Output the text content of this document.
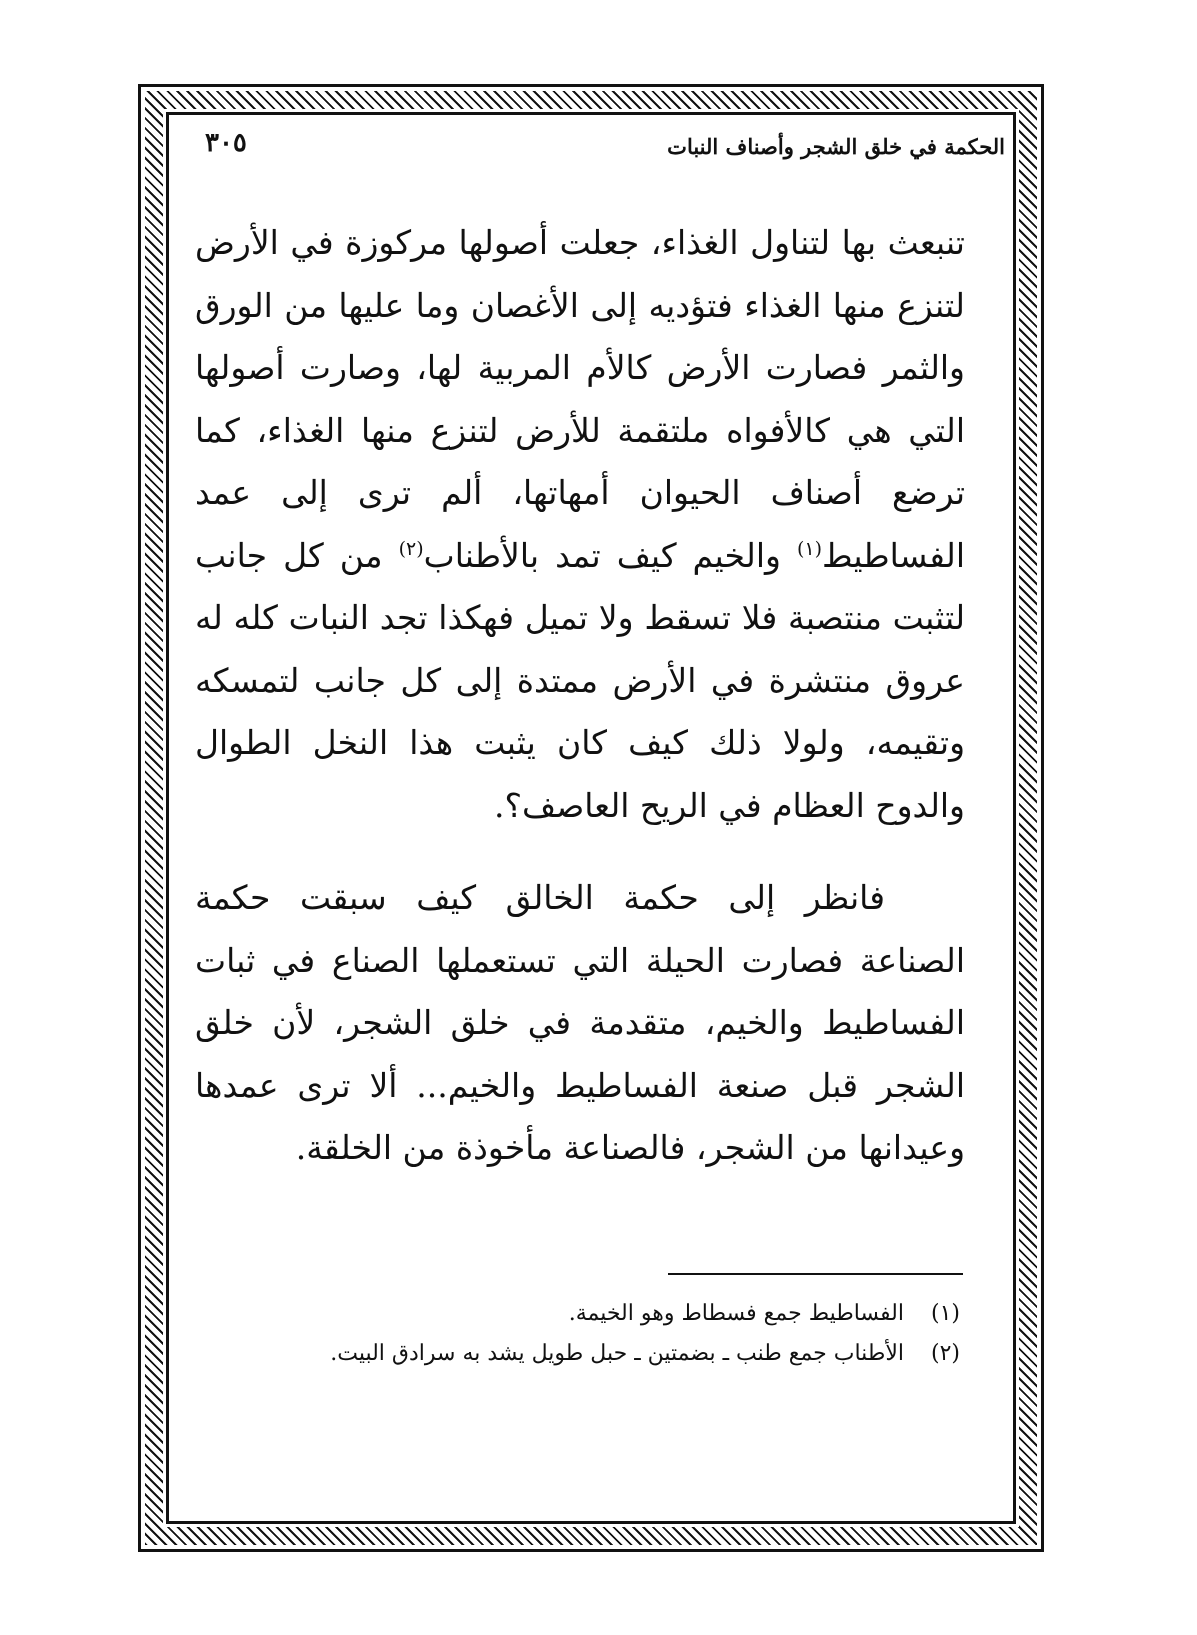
الحكمة في خلق الشجر وأصناف النبات
٣٠٥

تنبعث بها لتناول الغذاء، جعلت أصولها مركوزة في الأرض لتنزع منها الغذاء فتؤديه إلى الأغصان وما عليها من الورق والثمر فصارت الأرض كالأم المربية لها، وصارت أصولها التي هي كالأفواه ملتقمة للأرض لتنزع منها الغذاء، كما ترضع أصناف الحيوان أمهاتها، ألم ترى إلى عمد الفساطيط$^{(١)}$ والخيم كيف تمد بالأطناب$^{(٢)}$ من كل جانب لتثبت منتصبة فلا تسقط ولا تميل فهكذا تجد النبات كله له عروق منتشرة في الأرض ممتدة إلى كل جانب لتمسكه وتقيمه، ولولا ذلك كيف كان يثبت هذا النخل الطوال والدوح العظام في الريح العاصف؟.

فانظر إلى حكمة الخالق كيف سبقت حكمة الصناعة فصارت الحيلة التي تستعملها الصناع في ثبات الفساطيط والخيم، متقدمة في خلق الشجر، لأن خلق الشجر قبل صنعة الفساطيط والخيم... ألا ترى عمدها وعيدانها من الشجر، فالصناعة مأخوذة من الخلقة.

(١)
الفساطيط جمع فسطاط وهو الخيمة.

(٢)
الأطناب جمع طنب ـ بضمتين ـ حبل طويل يشد به سرادق البيت.
